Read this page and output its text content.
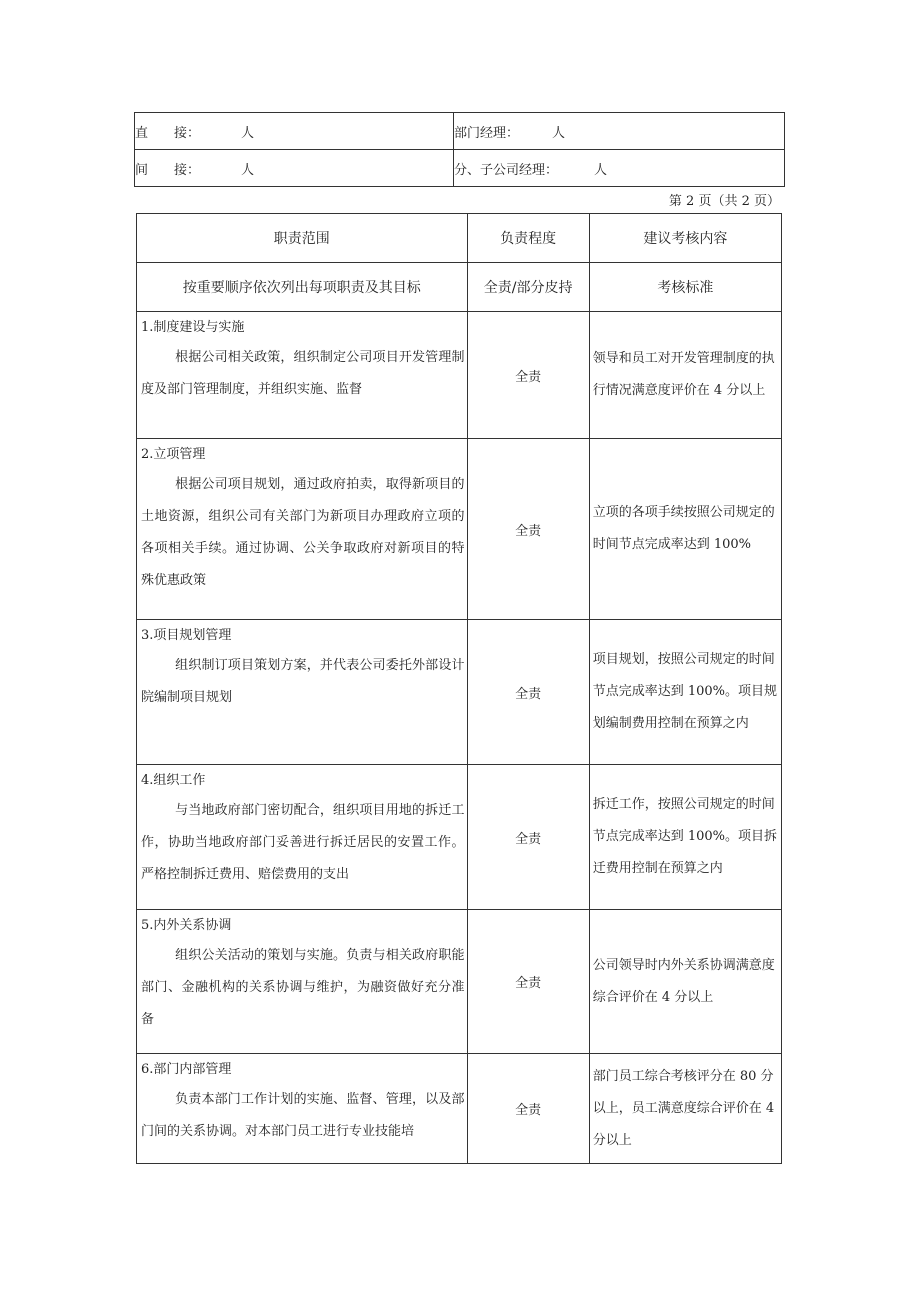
直　　接： 人	部门经理： 人
间　　接： 人	分、子公司经理： 人
第 2 页（共 2 页）
职责范围	负责程度	建议考核内容
按重要顺序依次列出每项职责及其目标	全责/部分皮持	考核标准

1.制度建设与实施
根据公司相关政策，组织制定公司项目开发管理制度及部门管理制度，并组织实施、监督	全责	领导和员工对开发管理制度的执行情况满意度评价在 4 分以上

2.立项管理
根据公司项目规划，通过政府拍卖，取得新项目的土地资源，组织公司有关部门为新项目办理政府立项的各项相关手续。通过协调、公关争取政府对新项目的特殊优惠政策	全责	立项的各项手续按照公司规定的时间节点完成率达到 100%

3.项目规划管理
组织制订项目策划方案，并代表公司委托外部设计院编制项目规划	全责	项目规划，按照公司规定的时间节点完成率达到 100%。项目规划编制费用控制在预算之内

4.组织工作
与当地政府部门密切配合，组织项目用地的拆迁工作，协助当地政府部门妥善进行拆迁居民的安置工作。严格控制拆迁费用、赔偿费用的支出	全责	拆迁工作，按照公司规定的时间节点完成率达到 100%。项目拆迁费用控制在预算之内

5.内外关系协调
组织公关活动的策划与实施。负责与相关政府职能部门、金融机构的关系协调与维护，为融资做好充分准备	全责	公司领导时内外关系协调满意度综合评价在 4 分以上

6.部门内部管理
负责本部门工作计划的实施、监督、管理，以及部门间的关系协调。对本部门员工进行专业技能培	全责	部门员工综合考核评分在 80 分以上，员工满意度综合评价在 4 分以上
